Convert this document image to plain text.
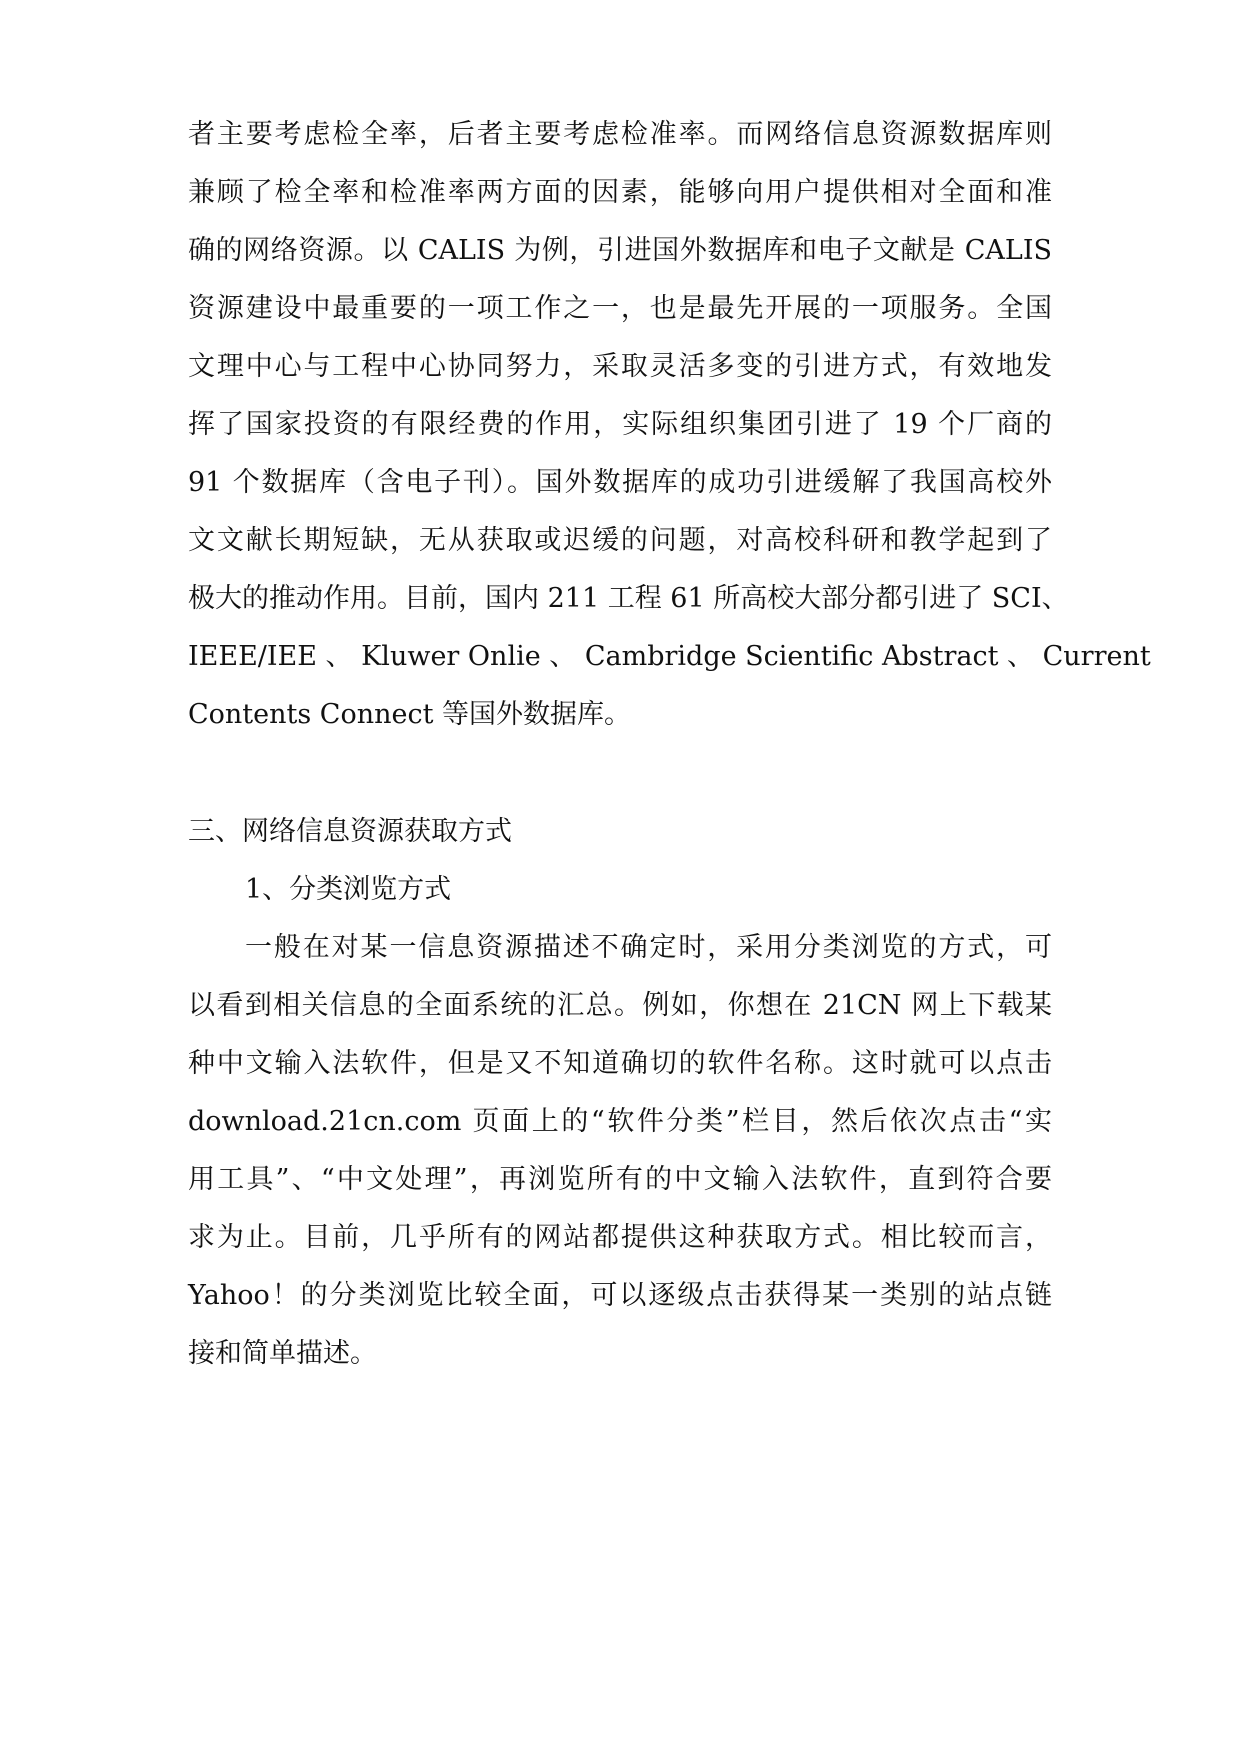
者主要考虑检全率，后者主要考虑检准率。而网络信息资源数据库则
兼顾了检全率和检准率两方面的因素，能够向用户提供相对全面和准
确的网络资源。以 CALIS 为例，引进国外数据库和电子文献是 CALIS
资源建设中最重要的一项工作之一，也是最先开展的一项服务。全国
文理中心与工程中心协同努力，采取灵活多变的引进方式，有效地发
挥了国家投资的有限经费的作用，实际组织集团引进了 19 个厂商的
91 个数据库（含电子刊）。国外数据库的成功引进缓解了我国高校外
文文献长期短缺，无从获取或迟缓的问题，对高校科研和教学起到了
极大的推动作用。目前，国内 211 工程 61 所高校大部分都引进了 SCI、
IEEE/IEE 、 Kluwer Onlie 、 Cambridge Scientific Abstract 、 Current
Contents Connect 等国外数据库。
三、网络信息资源获取方式
1、分类浏览方式
一般在对某一信息资源描述不确定时，采用分类浏览的方式，可
以看到相关信息的全面系统的汇总。例如，你想在 21CN 网上下载某
种中文输入法软件，但是又不知道确切的软件名称。这时就可以点击
download.21cn.com 页面上的“软件分类”栏目，然后依次点击“实
用工具”、“中文处理”，再浏览所有的中文输入法软件，直到符合要
求为止。目前，几乎所有的网站都提供这种获取方式。相比较而言，
Yahoo！的分类浏览比较全面，可以逐级点击获得某一类别的站点链
接和简单描述。
